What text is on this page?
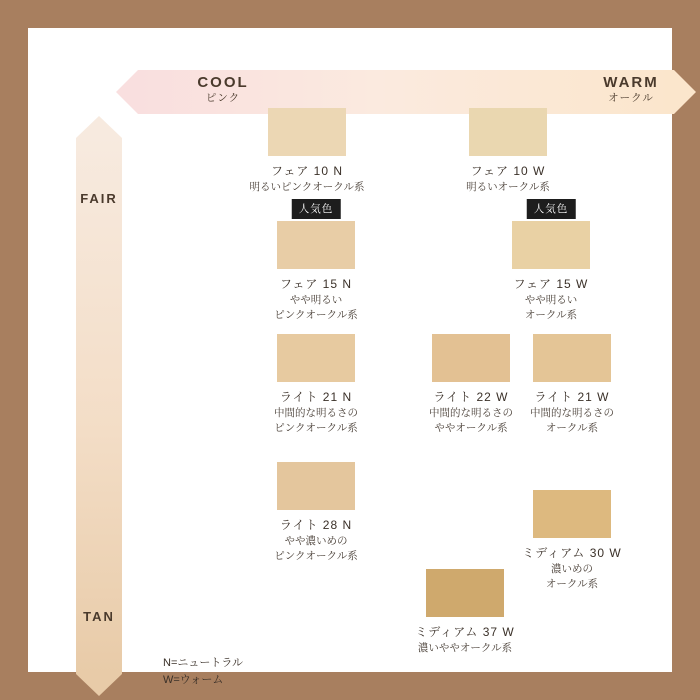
COOL
ピンク
WARM
オークル
FAIR
TAN
フェア 10 N
明るいピンクオークル系
フェア 10 W
明るいオークル系
人気色
フェア 15 N
やや明るい
ピンクオークル系
人気色
フェア 15 W
やや明るい
オークル系
ライト 21 N
中間的な明るさの
ピンクオークル系
ライト 22 W
中間的な明るさの
ややオークル系
ライト 21 W
中間的な明るさの
オークル系
ライト 28 N
やや濃いめの
ピンクオークル系	ミディアム 30 W
濃いめの
オークル系
ミディアム 37 W
濃いややオークル系
N=ニュートラル
W=ウォーム
